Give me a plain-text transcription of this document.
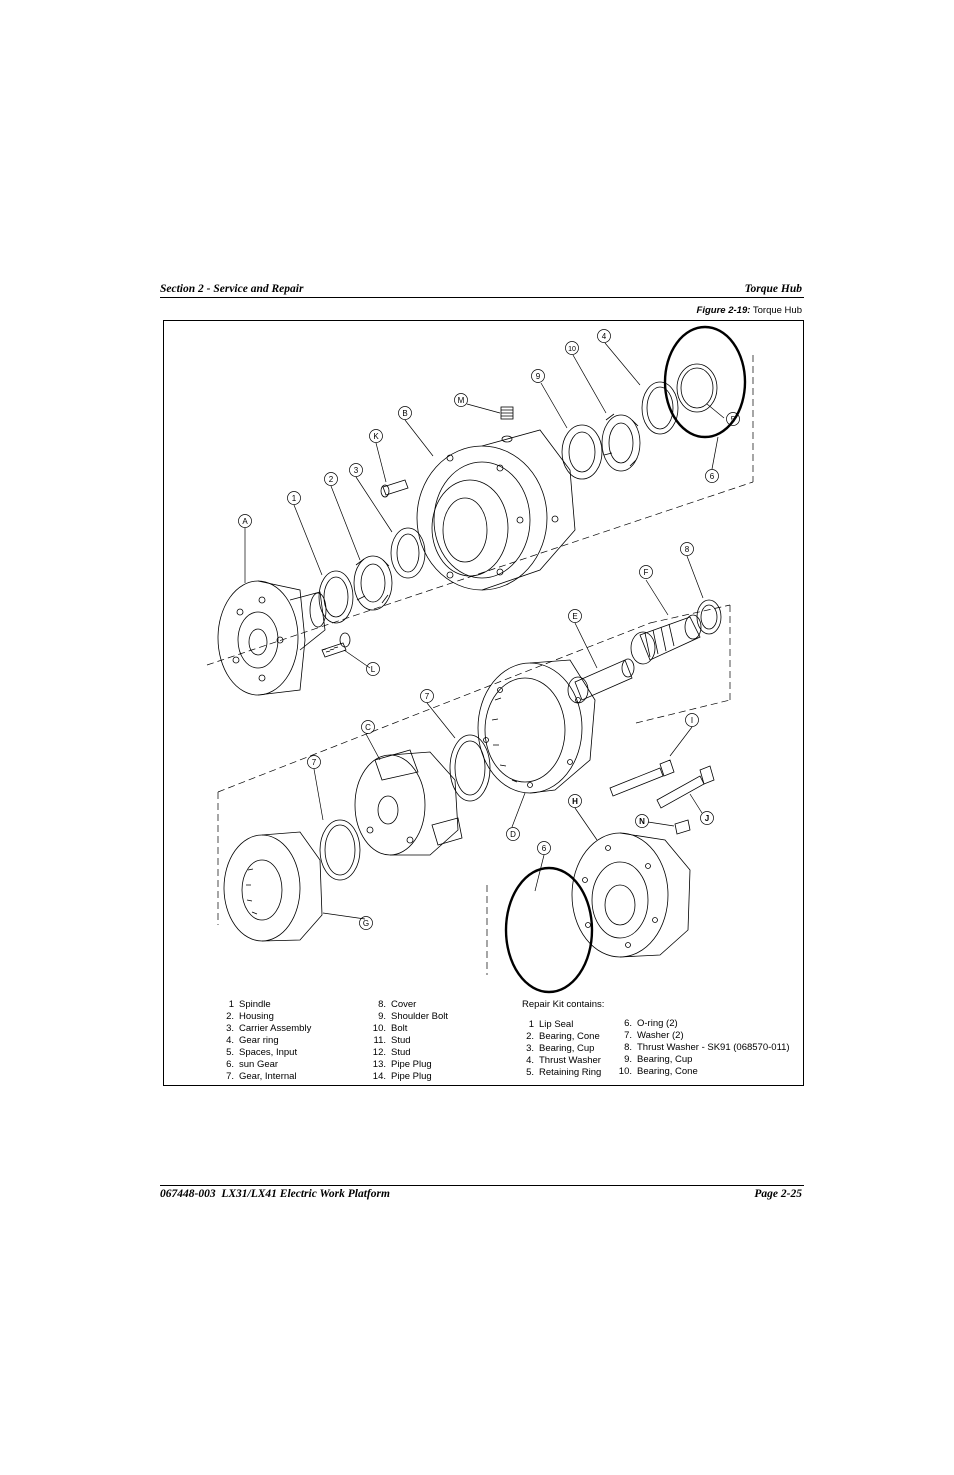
Section 2 - Service and Repair	Torque Hub
Figure 2-19: Torque Hub
A
1
2
3
K
B
M
9
10
4
5
6
8
F
E
7
C
7
L
D
G
6
H
I
J
N
1 Spindle
2. Housing
3. Carrier Assembly
4. Gear ring
5. Spaces, Input
6. sun Gear
7. Gear, Internal
8. Cover
9. Shoulder Bolt
10. Bolt
11. Stud
12. Stud
13. Pipe Plug
14. Pipe Plug
Repair Kit contains:
1 Lip Seal
2. Bearing, Cone
3. Bearing, Cup
4. Thrust Washer
5. Retaining Ring
6. O-ring (2)
7. Washer (2)
8. Thrust Washer - SK91 (068570-011)
9. Bearing, Cup
10. Bearing, Cone
067448-003  LX31/LX41 Electric Work Platform	Page 2-25
